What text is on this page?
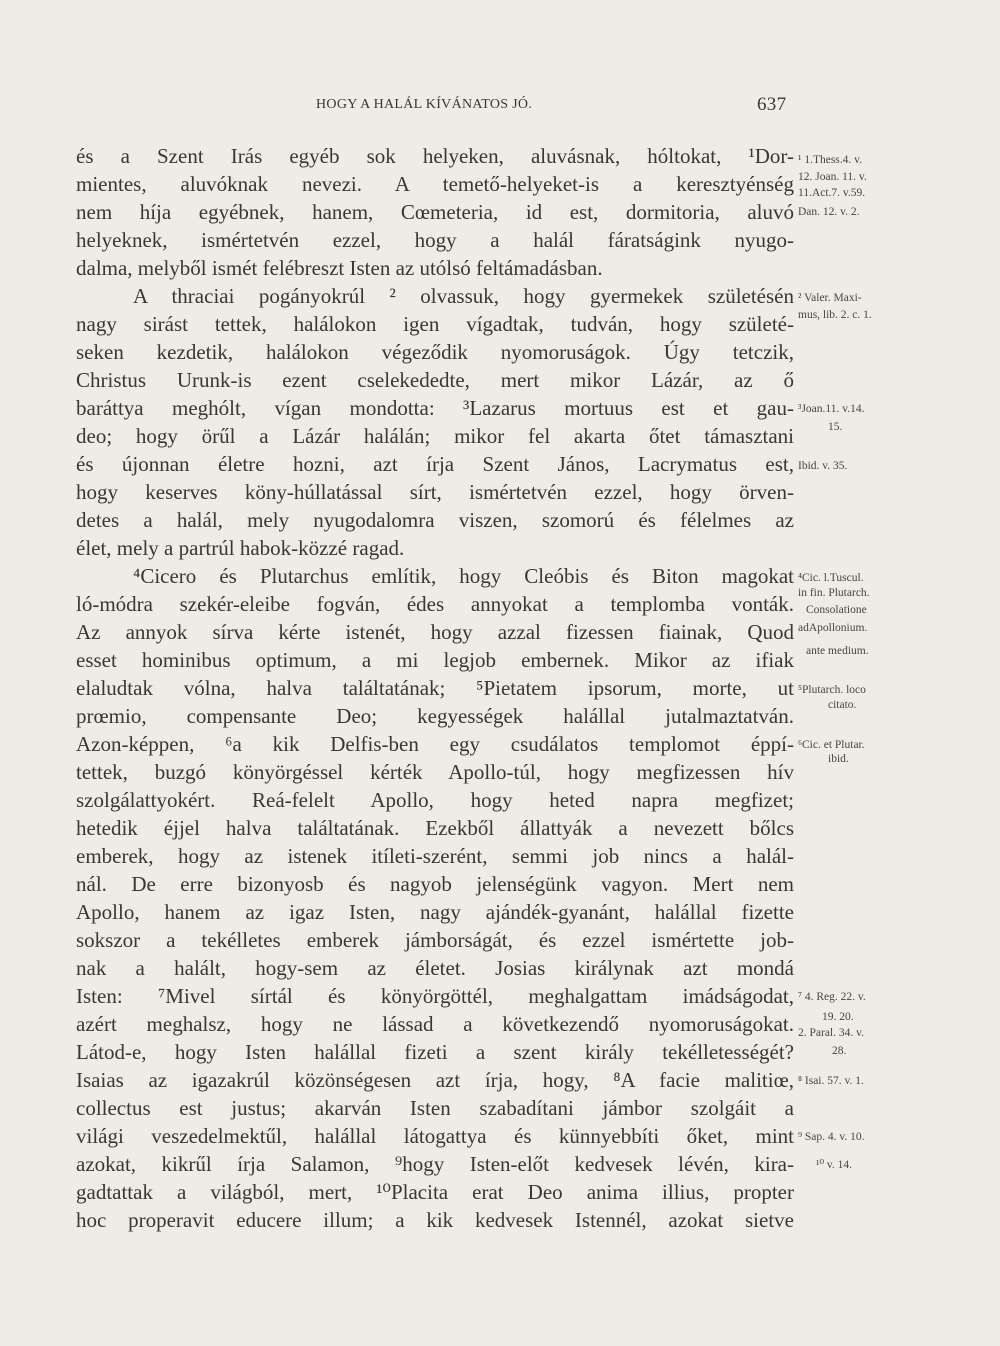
HOGY A HALÁL KÍVÁNATOS JÓ.	637
és a Szent Irás egyéb sok helyeken, aluvásnak, hóltokat, ¹Dor-
mientes, aluvóknak nevezi. A temető-helyeket-is a keresztyénség
nem híja egyébnek, hanem, Cœmeteria, id est, dormitoria, aluvó
helyeknek, ismértetvén ezzel, hogy a halál fáratságink nyugo-
dalma, melyből ismét felébreszt Isten az utólsó feltámadásban.
A thraciai pogányokrúl ² olvassuk, hogy gyermekek születésén
nagy sirást tettek, halálokon igen vígadtak, tudván, hogy születé-
seken kezdetik, halálokon végeződik nyomoruságok. Úgy tetczik,
Christus Urunk-is ezent cselekededte, mert mikor Lázár, az ő
baráttya meghólt, vígan mondotta: ³Lazarus mortuus est et gau-
deo; hogy örűl a Lázár halálán; mikor fel akarta őtet támasztani
és újonnan életre hozni, azt írja Szent János, Lacrymatus est,
hogy keserves köny-húllatással sírt, ismértetvén ezzel, hogy örven-
detes a halál, mely nyugodalomra viszen, szomorú és félelmes az
élet, mely a partrúl habok-közzé ragad.
⁴Cicero és Plutarchus említik, hogy Cleóbis és Biton magokat
ló-módra szekér-eleibe fogván, édes annyokat a templomba vonták.
Az annyok sírva kérte istenét, hogy azzal fizessen fiainak, Quod
esset hominibus optimum, a mi legjob embernek. Mikor az ifiak
elaludtak vólna, halva találtatának; ⁵Pietatem ipsorum, morte, ut
prœmio, compensante Deo; kegyességek halállal jutalmaztatván.
Azon-képpen, ⁶a kik Delfis-ben egy csudálatos templomot éppí-
tettek, buzgó könyörgéssel kérték Apollo-túl, hogy megfizessen hív
szolgálattyokért. Reá-felelt Apollo, hogy heted napra megfizet;
hetedik éjjel halva találtatának. Ezekből állattyák a nevezett bőlcs
emberek, hogy az istenek itíleti-szerént, semmi job nincs a halál-
nál. De erre bizonyosb és nagyob jelenségünk vagyon. Mert nem
Apollo, hanem az igaz Isten, nagy ajándék-gyanánt, halállal fizette
sokszor a tekélletes emberek jámborságát, és ezzel ismértette job-
nak a halált, hogy-sem az életet. Josias királynak azt mondá
Isten: ⁷Mivel sírtál és könyörgöttél, meghalgattam imádságodat,
azért meghalsz, hogy ne lássad a következendő nyomoruságokat.
Látod-e, hogy Isten halállal fizeti a szent király tekélletességét?
Isaias az igazakrúl közönségesen azt írja, hogy, ⁸A facie malitiœ,
collectus est justus; akarván Isten szabadítani jámbor szolgáit a
világi veszedelmektűl, halállal látogattya és künnyebbíti őket, mint
azokat, kikrűl írja Salamon, ⁹hogy Isten-előt kedvesek lévén, kira-
gadtattak a világból, mert, ¹⁰Placita erat Deo anima illius, propter
hoc properavit educere illum; a kik kedvesek Istennél, azokat sietve
¹ 1.Thess.4. v.
12. Joan. 11. v.
11.Act.7. v.59.
Dan. 12. v. 2.
² Valer. Maxi-
mus, lib. 2. c. 1.
³Joan.11. v.14.
15.
Ibid. v. 35.
⁴Cic. l.Tuscul.
in fin. Plutarch.
Consolatione
adApollonium.
ante medium.
⁵Plutarch. loco
citato.
⁶Cic. et Plutar.
ibid.
⁷ 4. Reg. 22. v.
19. 20.
2. Paral. 34. v.
28.
⁸ Isai. 57. v. 1.
⁹ Sap. 4. v. 10.
¹⁰ v. 14.
